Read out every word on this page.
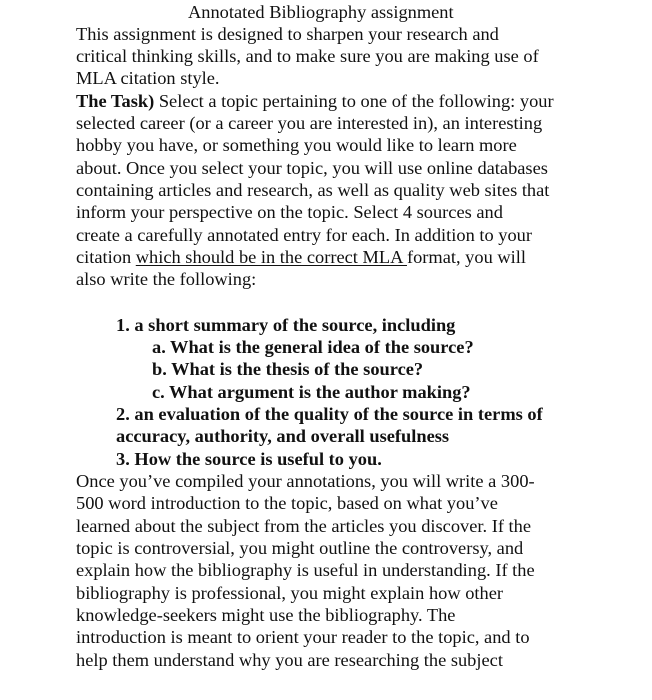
Annotated Bibliography assignment
This assignment is designed to sharpen your research and
critical thinking skills, and to make sure you are making use of
MLA citation style.
The Task) Select a topic pertaining to one of the following: your
selected career (or a career you are interested in), an interesting
hobby you have, or something you would like to learn more
about. Once you select your topic, you will use online databases
containing articles and research, as well as quality web sites that
inform your perspective on the topic. Select 4 sources and
create a carefully annotated entry for each. In addition to your
citation which should be in the correct MLA format, you will
also write the following:
1. a short summary of the source, including
a. What is the general idea of the source?
b. What is the thesis of the source?
c. What argument is the author making?
2. an evaluation of the quality of the source in terms of
accuracy, authority, and overall usefulness
3. How the source is useful to you.
Once you’ve compiled your annotations, you will write a 300-
500 word introduction to the topic, based on what you’ve
learned about the subject from the articles you discover. If the
topic is controversial, you might outline the controversy, and
explain how the bibliography is useful in understanding. If the
bibliography is professional, you might explain how other
knowledge-seekers might use the bibliography. The
introduction is meant to orient your reader to the topic, and to
help them understand why you are researching the subject
